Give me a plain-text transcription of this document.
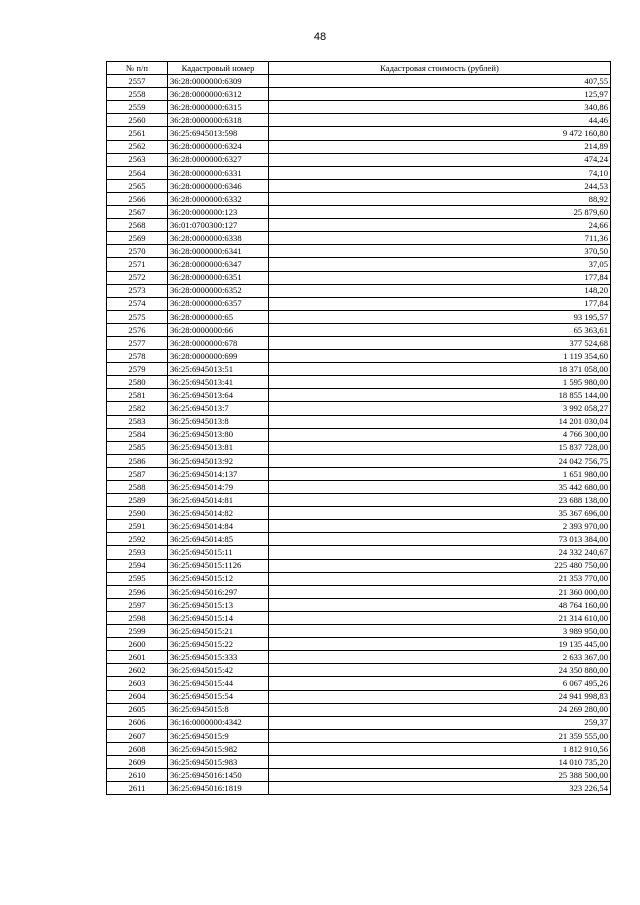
48
№ п/п	Кадастровый номер	Кадастровая стоимость (рублей)
2557	36:28:0000000:6309	407,55
2558	36:28:0000000:6312	125,97
2559	36:28:0000000:6315	340,86
2560	36:28:0000000:6318	44,46
2561	36:25:6945013:598	9 472 160,80
2562	36:28:0000000:6324	214,89
2563	36:28:0000000:6327	474,24
2564	36:28:0000000:6331	74,10
2565	36:28:0000000:6346	244,53
2566	36:28:0000000:6332	88,92
2567	36:20:0000000:123	25 879,60
2568	36:01:0700300:127	24,66
2569	36:28:0000000:6338	711,36
2570	36:28:0000000:6341	370,50
2571	36:28:0000000:6347	37,05
2572	36:28:0000000:6351	177,84
2573	36:28:0000000:6352	148,20
2574	36:28:0000000:6357	177,84
2575	36:28:0000000:65	93 195,57
2576	36:28:0000000:66	65 363,61
2577	36:28:0000000:678	377 524,68
2578	36:28:0000000:699	1 119 354,60
2579	36:25:6945013:51	18 371 058,00
2580	36:25:6945013:41	1 595 980,00
2581	36:25:6945013:64	18 855 144,00
2582	36:25:6945013:7	3 992 058,27
2583	36:25:6945013:8	14 201 030,04
2584	36:25:6945013:80	4 766 300,00
2585	36:25:6945013:81	15 837 728,00
2586	36:25:6945013:92	24 042 756,75
2587	36:25:6945014:137	1 651 980,00
2588	36:25:6945014:79	35 442 680,00
2589	36:25:6945014:81	23 688 138,00
2590	36:25:6945014:82	35 367 696,00
2591	36:25:6945014:84	2 393 970,00
2592	36:25:6945014:85	73 013 384,00
2593	36:25:6945015:11	24 332 240,67
2594	36:25:6945015:1126	225 480 750,00
2595	36:25:6945015:12	21 353 770,00
2596	36:25:6945016:297	21 360 000,00
2597	36:25:6945015:13	48 764 160,00
2598	36:25:6945015:14	21 314 610,00
2599	36:25:6945015:21	3 989 950,00
2600	36:25:6945015:22	19 135 445,00
2601	36:25:6945015:333	2 633 367,00
2602	36:25:6945015:42	24 350 880,00
2603	36:25:6945015:44	6 067 495,26
2604	36:25:6945015:54	24 941 998,83
2605	36:25:6945015:8	24 269 280,00
2606	36:16:0000000:4342	259,37
2607	36:25:6945015:9	21 359 555,00
2608	36:25:6945015:982	1 812 910,56
2609	36:25:6945015:983	14 010 735,20
2610	36:25:6945016:1450	25 388 500,00
2611	36:25:6945016:1819	323 226,54
